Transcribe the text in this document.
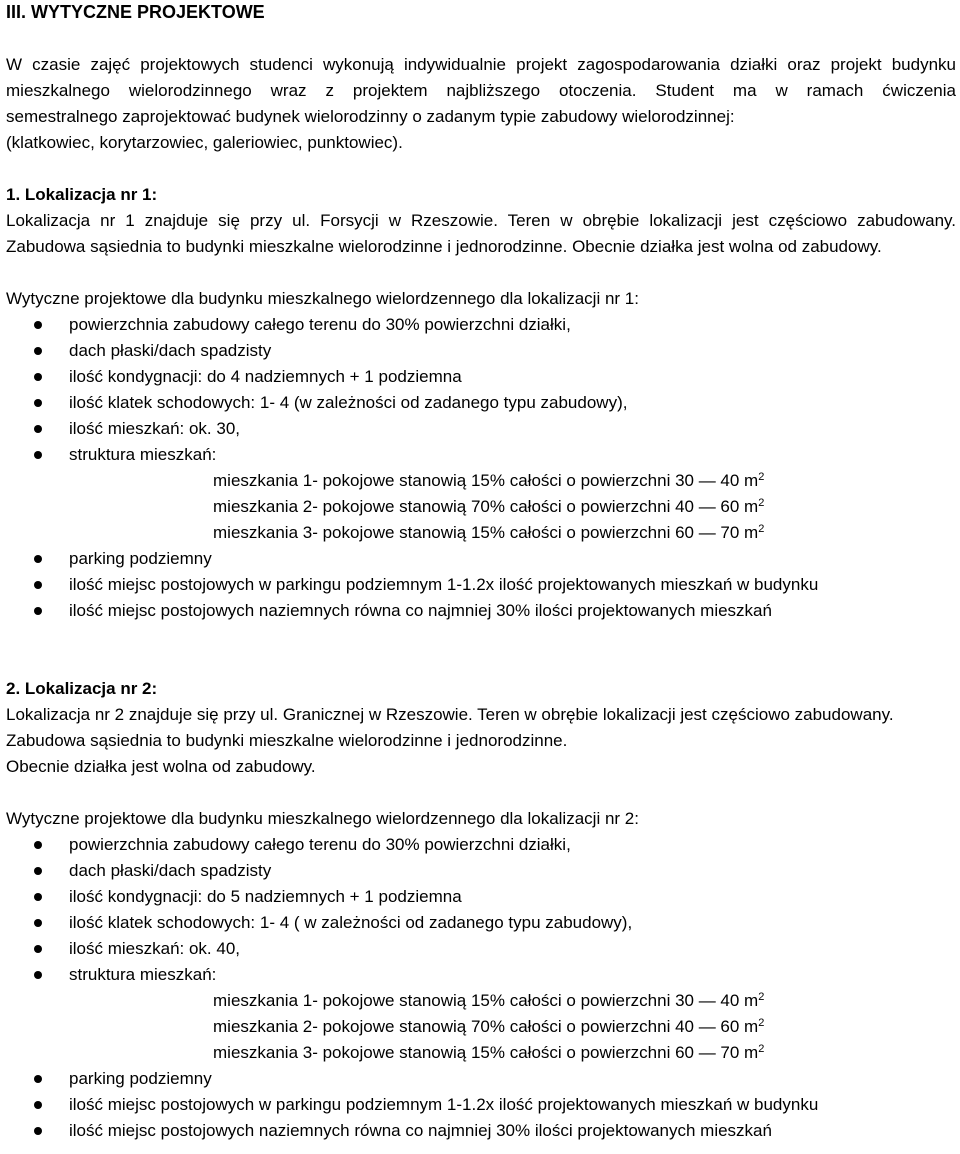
III. WYTYCZNE PROJEKTOWE

W czasie zajęć projektowych studenci wykonują indywidualnie projekt zagospodarowania działki oraz projekt budynku

mieszkalnego wielorodzinnego wraz z projektem najbliższego otoczenia. Student ma w ramach ćwiczenia

semestralnego zaprojektować budynek wielorodzinny o zadanym typie zabudowy wielorodzinnej:

(klatkowiec, korytarzowiec, galeriowiec, punktowiec).

1. Lokalizacja nr 1:

Lokalizacja nr 1 znajduje się przy ul. Forsycji w Rzeszowie. Teren w obrębie lokalizacji jest częściowo zabudowany.

Zabudowa sąsiednia to budynki mieszkalne wielorodzinne i jednorodzinne. Obecnie działka jest wolna od zabudowy.

Wytyczne projektowe dla budynku mieszkalnego wielordzennego dla lokalizacji nr 1:

powierzchnia zabudowy całego terenu do 30% powierzchni działki,
dach płaski/dach spadzisty
ilość kondygnacji: do 4 nadziemnych + 1 podziemna
ilość klatek schodowych: 1- 4 (w zależności od zadanego typu zabudowy),
ilość mieszkań: ok. 30,
struktura mieszkań:

mieszkania 1- pokojowe stanowią 15% całości o powierzchni 30 — 40 $m^2$

mieszkania 2- pokojowe stanowią 70% całości o powierzchni 40 — 60 $m^2$

mieszkania 3- pokojowe stanowią 15% całości o powierzchni 60 — 70 $m^2$

parking podziemny
ilość miejsc postojowych w parkingu podziemnym 1-1.2x ilość projektowanych mieszkań w budynku
ilość miejsc postojowych naziemnych równa co najmniej 30% ilości projektowanych mieszkań

2. Lokalizacja nr 2:

Lokalizacja nr 2 znajduje się przy ul. Granicznej w Rzeszowie. Teren w obrębie lokalizacji jest częściowo zabudowany.

Zabudowa sąsiednia to budynki mieszkalne wielorodzinne i jednorodzinne.

Obecnie działka jest wolna od zabudowy.

Wytyczne projektowe dla budynku mieszkalnego wielordzennego dla lokalizacji nr 2:

powierzchnia zabudowy całego terenu do 30% powierzchni działki,
dach płaski/dach spadzisty
ilość kondygnacji: do 5 nadziemnych + 1 podziemna
ilość klatek schodowych: 1- 4 ( w zależności od zadanego typu zabudowy),
ilość mieszkań: ok. 40,
struktura mieszkań:

mieszkania 1- pokojowe stanowią 15% całości o powierzchni 30 — 40 $m^2$

mieszkania 2- pokojowe stanowią 70% całości o powierzchni 40 — 60 $m^2$

mieszkania 3- pokojowe stanowią 15% całości o powierzchni 60 — 70 $m^2$

parking podziemny
ilość miejsc postojowych w parkingu podziemnym 1-1.2x ilość projektowanych mieszkań w budynku
ilość miejsc postojowych naziemnych równa co najmniej 30% ilości projektowanych mieszkań
